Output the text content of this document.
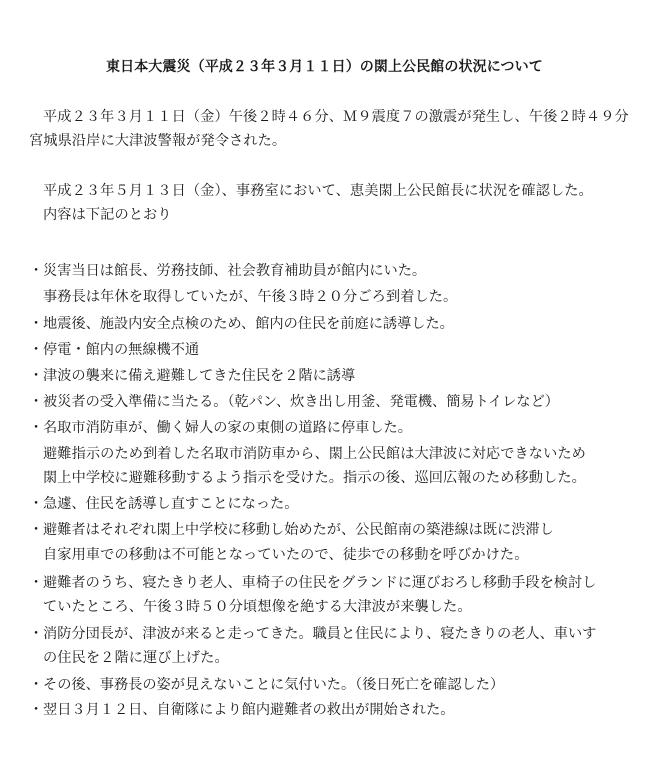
東日本大震災（平成２３年３月１１日）の閖上公民館の状況について
平成２３年３月１１日（金）午後２時４６分、Ｍ９震度７の激震が発生し、午後２時４９分
宮城県沿岸に大津波警報が発令された。
平成２３年５月１３日（金）、事務室において、恵美閖上公民館長に状況を確認した。
内容は下記のとおり
・災害当日は館長、労務技師、社会教育補助員が館内にいた。
事務長は年休を取得していたが、午後３時２０分ごろ到着した。
・地震後、施設内安全点検のため、館内の住民を前庭に誘導した。
・停電・館内の無線機不通
・津波の襲来に備え避難してきた住民を２階に誘導
・被災者の受入準備に当たる。（乾パン、炊き出し用釜、発電機、簡易トイレなど）
・名取市消防車が、働く婦人の家の東側の道路に停車した。
避難指示のため到着した名取市消防車から、閖上公民館は大津波に対応できないため
閖上中学校に避難移動するよう指示を受けた。指示の後、巡回広報のため移動した。
・急遽、住民を誘導し直すことになった。
・避難者はそれぞれ閖上中学校に移動し始めたが、公民館南の築港線は既に渋滞し
自家用車での移動は不可能となっていたので、徒歩での移動を呼びかけた。
・避難者のうち、寝たきり老人、車椅子の住民をグランドに運びおろし移動手段を検討し
ていたところ、午後３時５０分頃想像を絶する大津波が来襲した。
・消防分団長が、津波が来ると走ってきた。職員と住民により、寝たきりの老人、車いす
の住民を２階に運び上げた。
・その後、事務長の姿が見えないことに気付いた。（後日死亡を確認した）
・翌日３月１２日、自衛隊により館内避難者の救出が開始された。
